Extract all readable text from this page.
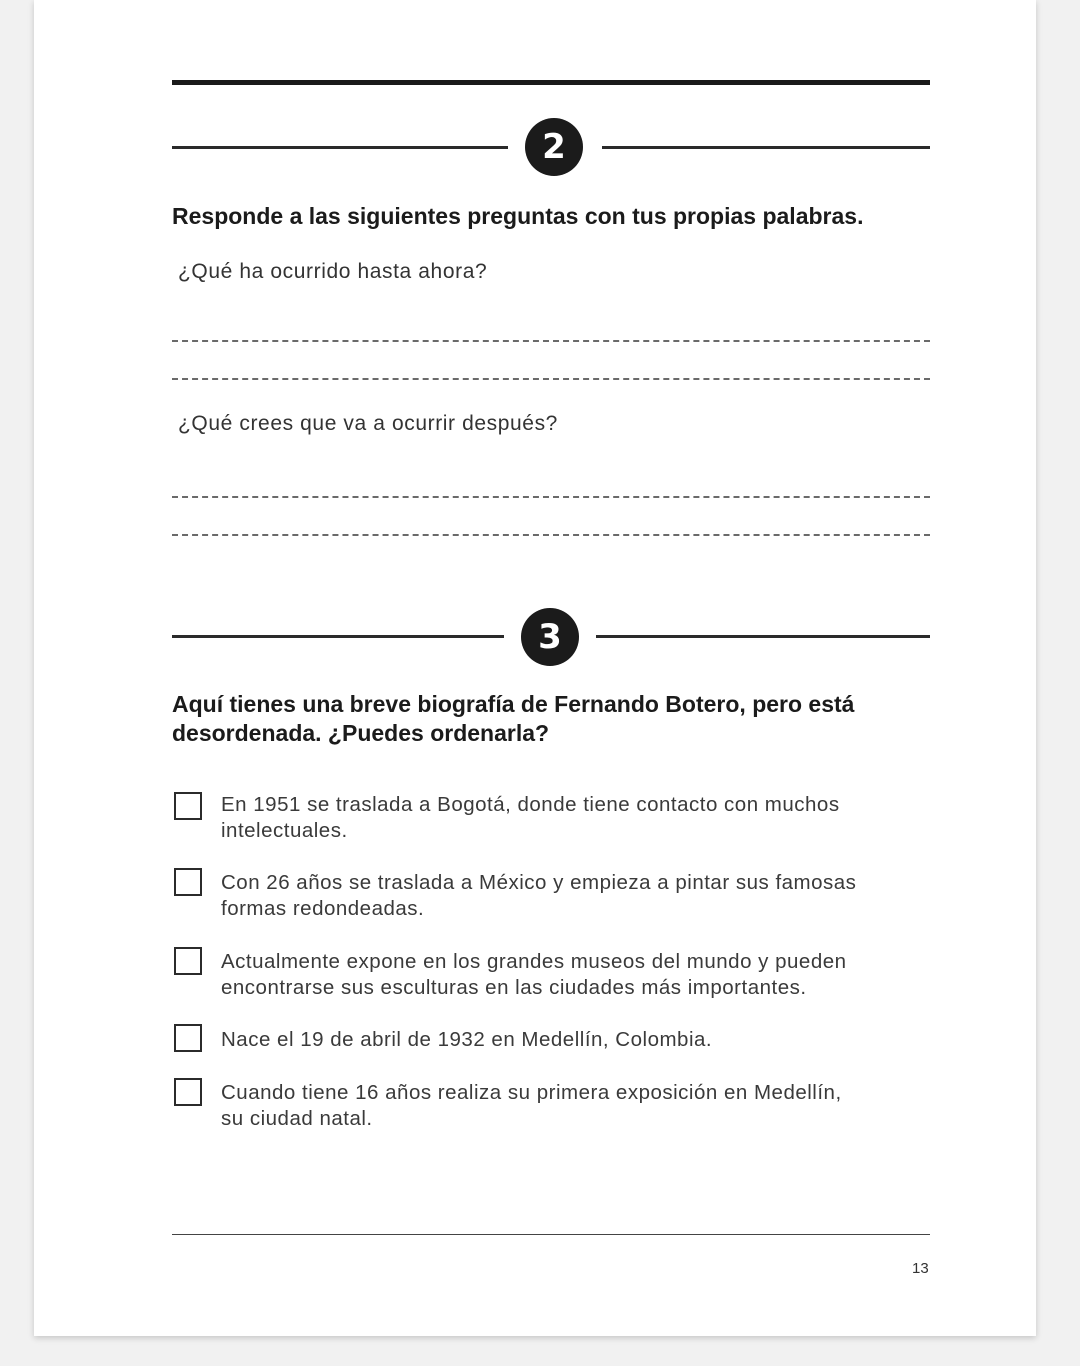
2
Responde a las siguientes preguntas con tus propias palabras.
¿Qué ha ocurrido hasta ahora?
¿Qué crees que va a ocurrir después?
3
Aquí tienes una breve biografía de Fernando Botero, pero está
desordenada. ¿Puedes ordenarla?
En 1951 se traslada a Bogotá, donde tiene contacto con muchos
intelectuales.
Con 26 años se traslada a México y empieza a pintar sus famosas
formas redondeadas.
Actualmente expone en los grandes museos del mundo y pueden
encontrarse sus esculturas en las ciudades más importantes.
Nace el 19 de abril de 1932 en Medellín, Colombia.
Cuando tiene 16 años realiza su primera exposición en Medellín,
su ciudad natal.
13
